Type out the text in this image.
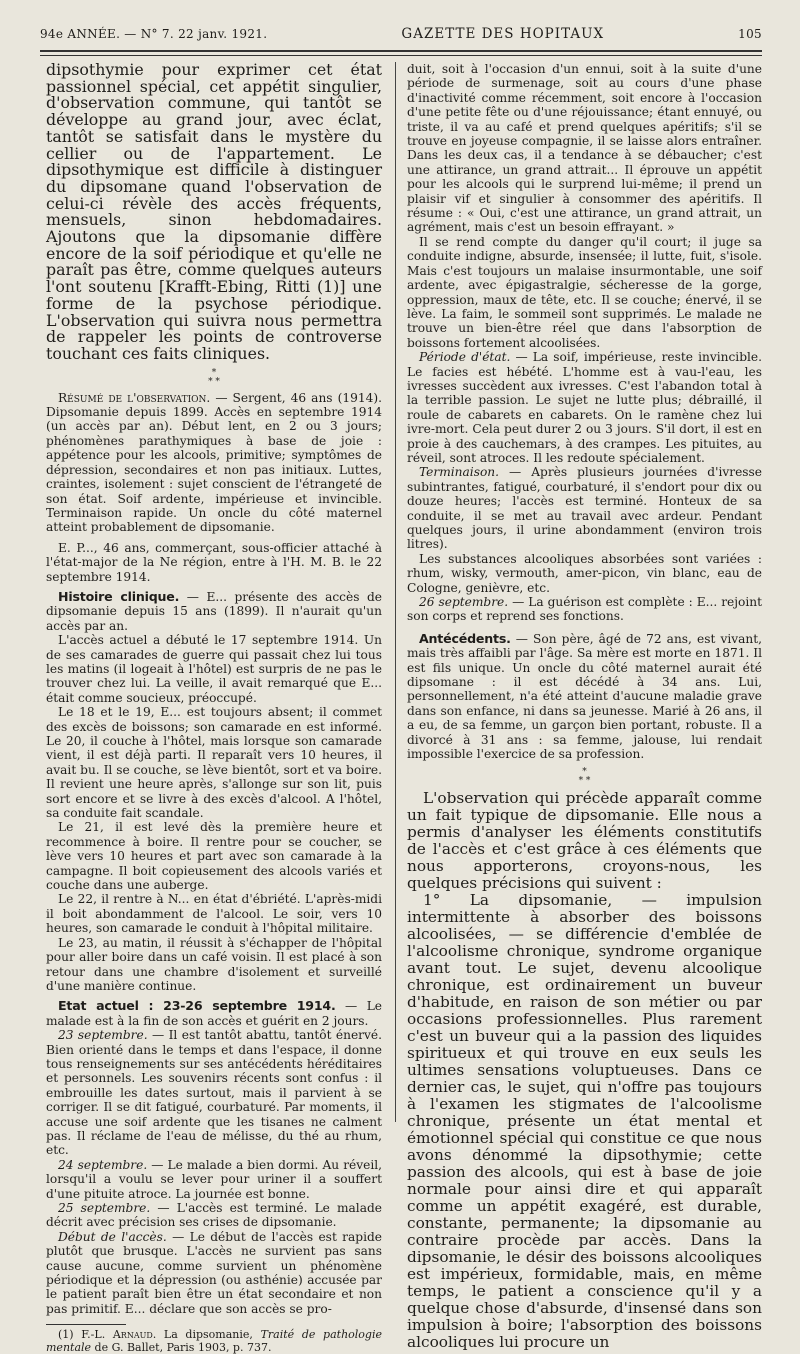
94e ANNÉE. — N° 7. 22 janv. 1921.	GAZETTE DES HOPITAUX	105

dipsothymie pour exprimer cet état passionnel spécial, cet appétit singulier, d'observation commune, qui tantôt se développe au grand jour, avec éclat, tantôt se satisfait dans le mystère du cellier ou de l'appartement. Le dipsothymique est difficile à distinguer du dipsomane quand l'observation de celui-ci révèle des accès fréquents, mensuels, sinon hebdomadaires. Ajoutons que la dipsomanie diffère encore de la soif périodique et qu'elle ne paraît pas être, comme quelques auteurs l'ont soutenu [Krafft-Ebing, Ritti (1)] une forme de la psychose périodique. L'observation qui suivra nous permettra de rappeler les points de controverse touchant ces faits cliniques.

*
* *

Résumé de l'observation. — Sergent, 46 ans (1914). Dipsomanie depuis 1899. Accès en septembre 1914 (un accès par an). Début lent, en 2 ou 3 jours; phénomènes parathymiques à base de joie : appétence pour les alcools, primitive; symptômes de dépression, secondaires et non pas initiaux. Luttes, craintes, isolement : sujet conscient de l'étrangeté de son état. Soif ardente, impérieuse et invincible. Terminaison rapide. Un oncle du côté maternel atteint probablement de dipsomanie.

E. P..., 46 ans, commerçant, sous-officier attaché à l'état-major de la Ne région, entre à l'H. M. B. le 22 septembre 1914.

Histoire clinique. — E... présente des accès de dipsomanie depuis 15 ans (1899). Il n'aurait qu'un accès par an.

L'accès actuel a débuté le 17 septembre 1914. Un de ses camarades de guerre qui passait chez lui tous les matins (il logeait à l'hôtel) est surpris de ne pas le trouver chez lui. La veille, il avait remarqué que E... était comme soucieux, préoccupé.

Le 18 et le 19, E... est toujours absent; il commet des excès de boissons; son camarade en est informé. Le 20, il couche à l'hôtel, mais lorsque son camarade vient, il est déjà parti. Il reparaît vers 10 heures, il avait bu. Il se couche, se lève bientôt, sort et va boire. Il revient une heure après, s'allonge sur son lit, puis sort encore et se livre à des excès d'alcool. A l'hôtel, sa conduite fait scandale.

Le 21, il est levé dès la première heure et recommence à boire. Il rentre pour se coucher, se lève vers 10 heures et part avec son camarade à la campagne. Il boit copieusement des alcools variés et couche dans une auberge.

Le 22, il rentre à N... en état d'ébriété. L'après-midi il boit abondamment de l'alcool. Le soir, vers 10 heures, son camarade le conduit à l'hôpital militaire.

Le 23, au matin, il réussit à s'échapper de l'hôpital pour aller boire dans un café voisin. Il est placé à son retour dans une chambre d'isolement et surveillé d'une manière continue.

Etat actuel : 23-26 septembre 1914. — Le malade est à la fin de son accès et guérit en 2 jours.

23 septembre. — Il est tantôt abattu, tantôt énervé. Bien orienté dans le temps et dans l'espace, il donne tous renseignements sur ses antécédents héréditaires et personnels. Les souvenirs récents sont confus : il embrouille les dates surtout, mais il parvient à se corriger. Il se dit fatigué, courbaturé. Par moments, il accuse une soif ardente que les tisanes ne calment pas. Il réclame de l'eau de mélisse, du thé au rhum, etc.

24 septembre. — Le malade a bien dormi. Au réveil, lorsqu'il a voulu se lever pour uriner il a souffert d'une pituite atroce. La journée est bonne.

25 septembre. — L'accès est terminé. Le malade décrit avec précision ses crises de dipsomanie.

Début de l'accès. — Le début de l'accès est rapide plutôt que brusque. L'accès ne survient pas sans cause aucune, comme survient un phénomène périodique et la dépression (ou asthénie) accusée par le patient paraît bien être un état secondaire et non pas primitif. E... déclare que son accès se pro-

(1) F.-L. Arnaud. La dipsomanie, Traité de pathologie mentale de G. Ballet, Paris 1903, p. 737.

duit, soit à l'occasion d'un ennui, soit à la suite d'une période de surmenage, soit au cours d'une phase d'inactivité comme récemment, soit encore à l'occasion d'une petite fête ou d'une réjouissance; étant ennuyé, ou triste, il va au café et prend quelques apéritifs; s'il se trouve en joyeuse compagnie, il se laisse alors entraîner. Dans les deux cas, il a tendance à se débaucher; c'est une attirance, un grand attrait... Il éprouve un appétit pour les alcools qui le surprend lui-même; il prend un plaisir vif et singulier à consommer des apéritifs. Il résume : « Oui, c'est une attirance, un grand attrait, un agrément, mais c'est un besoin effrayant. »

Il se rend compte du danger qu'il court; il juge sa conduite indigne, absurde, insensée; il lutte, fuit, s'isole. Mais c'est toujours un malaise insurmontable, une soif ardente, avec épigastralgie, sécheresse de la gorge, oppression, maux de tête, etc. Il se couche; énervé, il se lève. La faim, le sommeil sont supprimés. Le malade ne trouve un bien-être réel que dans l'absorption de boissons fortement alcoolisées.

Période d'état. — La soif, impérieuse, reste invincible. Le facies est hébété. L'homme est à vau-l'eau, les ivresses succèdent aux ivresses. C'est l'abandon total à la terrible passion. Le sujet ne lutte plus; débraillé, il roule de cabarets en cabarets. On le ramène chez lui ivre-mort. Cela peut durer 2 ou 3 jours. S'il dort, il est en proie à des cauchemars, à des crampes. Les pituites, au réveil, sont atroces. Il les redoute spécialement.

Terminaison. — Après plusieurs journées d'ivresse subintrantes, fatigué, courbaturé, il s'endort pour dix ou douze heures; l'accès est terminé. Honteux de sa conduite, il se met au travail avec ardeur. Pendant quelques jours, il urine abondamment (environ trois litres).

Les substances alcooliques absorbées sont variées : rhum, wisky, vermouth, amer-picon, vin blanc, eau de Cologne, genièvre, etc.

26 septembre. — La guérison est complète : E... rejoint son corps et reprend ses fonctions.

Antécédents. — Son père, âgé de 72 ans, est vivant, mais très affaibli par l'âge. Sa mère est morte en 1871. Il est fils unique. Un oncle du côté maternel aurait été dipsomane : il est décédé à 34 ans. Lui, personnellement, n'a été atteint d'aucune maladie grave dans son enfance, ni dans sa jeunesse. Marié à 26 ans, il a eu, de sa femme, un garçon bien portant, robuste. Il a divorcé à 31 ans : sa femme, jalouse, lui rendait impossible l'exercice de sa profession.

*
* *

L'observation qui précède apparaît comme un fait typique de dipsomanie. Elle nous a permis d'analyser les éléments constitutifs de l'accès et c'est grâce à ces éléments que nous apporterons, croyons-nous, les quelques précisions qui suivent :

1° La dipsomanie, — impulsion intermittente à absorber des boissons alcoolisées, — se différencie d'emblée de l'alcoolisme chronique, syndrome organique avant tout. Le sujet, devenu alcoolique chronique, est ordinairement un buveur d'habitude, en raison de son métier ou par occasions professionnelles. Plus rarement c'est un buveur qui a la passion des liquides spiritueux et qui trouve en eux seuls les ultimes sensations voluptueuses. Dans ce dernier cas, le sujet, qui n'offre pas toujours à l'examen les stigmates de l'alcoolisme chronique, présente un état mental et émotionnel spécial qui constitue ce que nous avons dénommé la dipsothymie; cette passion des alcools, qui est à base de joie normale pour ainsi dire et qui apparaît comme un appétit exagéré, est durable, constante, permanente; la dipsomanie au contraire procède par accès. Dans la dipsomanie, le désir des boissons alcooliques est impérieux, formidable, mais, en même temps, le patient a conscience qu'il y a quelque chose d'absurde, d'insensé dans son impulsion à boire; l'absorption des boissons alcooliques lui procure un
